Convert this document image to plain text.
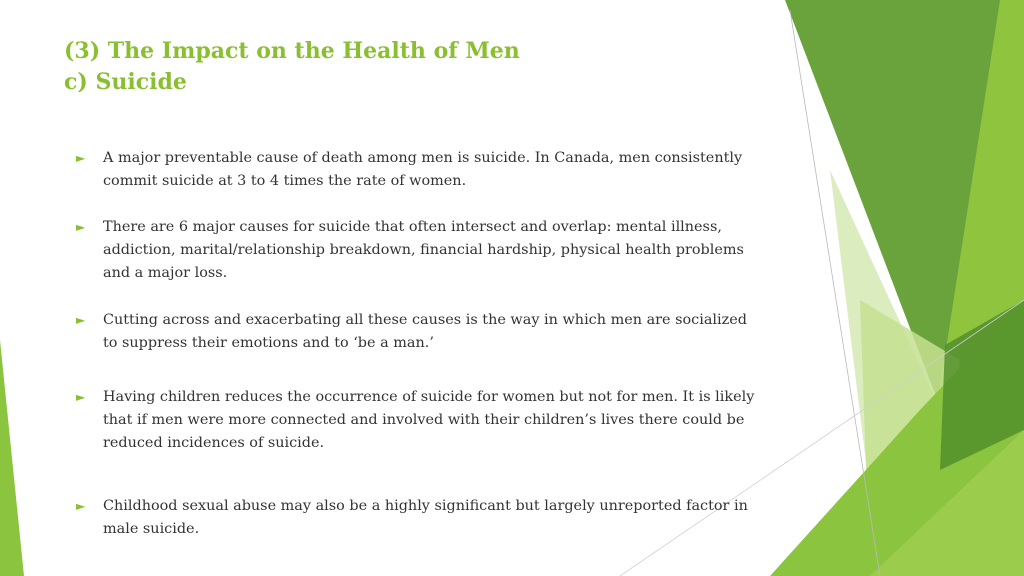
(3) The Impact on the Health of Men
c) Suicide
►	A major preventable cause of death among men is suicide. In Canada, men consistently commit suicide at 3 to 4 times the rate of women.
►	There are 6 major causes for suicide that often intersect and overlap: mental illness, addiction, marital/relationship breakdown, financial hardship, physical health problems and a major loss.
►	Cutting across and exacerbating all these causes is the way in which men are socialized to suppress their emotions and to ‘be a man.’
►	Having children reduces the occurrence of suicide for women but not for men. It is likely that if men were more connected and involved with their children’s lives there could be reduced incidences of suicide.
►	Childhood sexual abuse may also be a highly significant but largely unreported factor in male suicide.
